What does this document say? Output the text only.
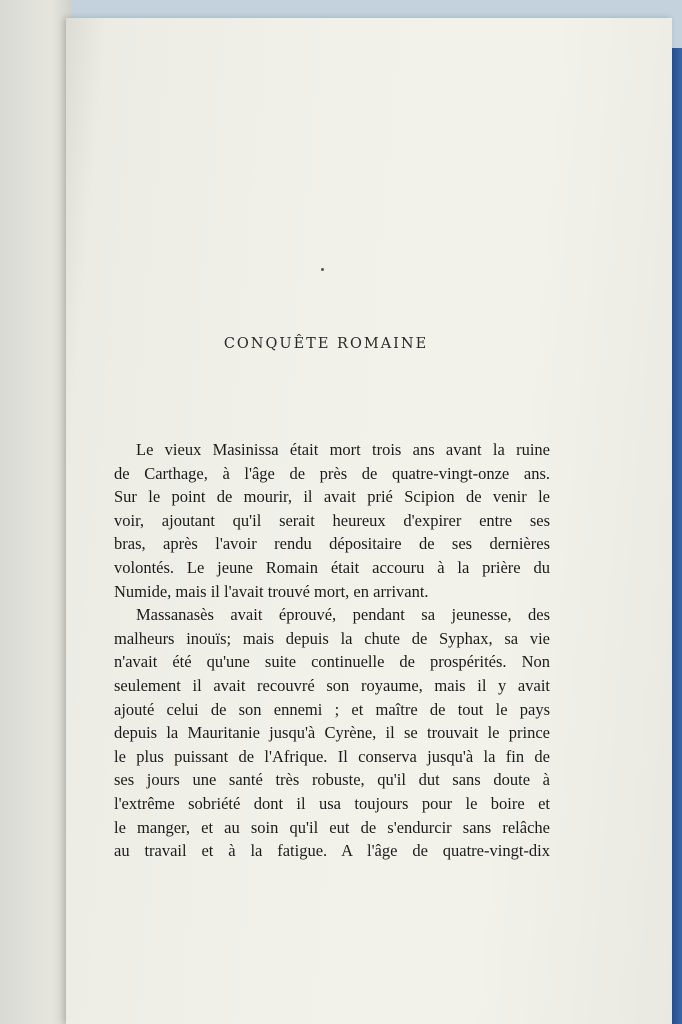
CONQUÊTE ROMAINE
Le vieux Masinissa était mort trois ans avant la ruine
de Carthage, à l'âge de près de quatre-vingt-onze ans.
Sur le point de mourir, il avait prié Scipion de venir le
voir, ajoutant qu'il serait heureux d'expirer entre ses
bras, après l'avoir rendu dépositaire de ses dernières
volontés. Le jeune Romain était accouru à la prière du
Numide, mais il l'avait trouvé mort, en arrivant.
Massanasès avait éprouvé, pendant sa jeunesse, des
malheurs inouïs; mais depuis la chute de Syphax, sa vie
n'avait été qu'une suite continuelle de prospérités. Non
seulement il avait recouvré son royaume, mais il y avait
ajouté celui de son ennemi ; et maître de tout le pays
depuis la Mauritanie jusqu'à Cyrène, il se trouvait le prince
le plus puissant de l'Afrique. Il conserva jusqu'à la fin de
ses jours une santé très robuste, qu'il dut sans doute à
l'extrême sobriété dont il usa toujours pour le boire et
le manger, et au soin qu'il eut de s'endurcir sans relâche
au travail et à la fatigue. A l'âge de quatre-vingt-dix
